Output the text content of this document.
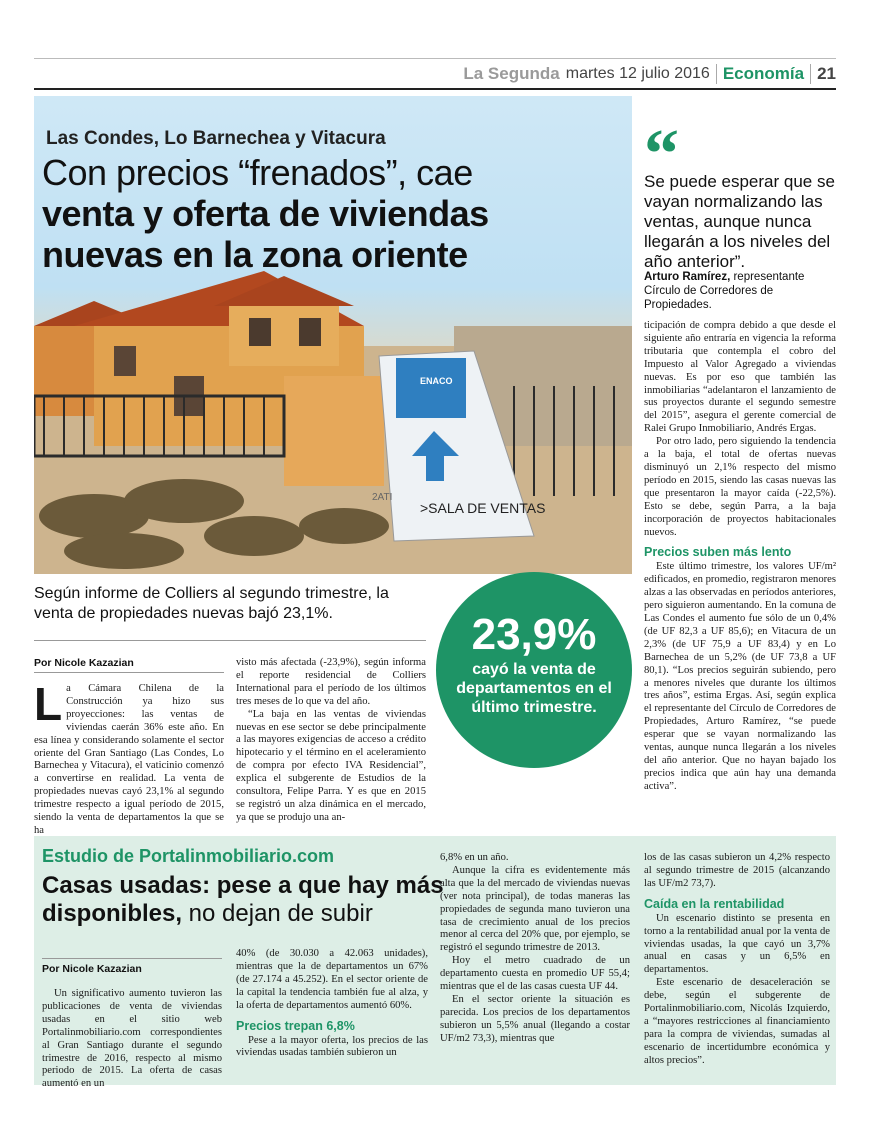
La Segunda martes 12 julio 2016 Economía 21
ENACO
>SALA DE VENTAS
2ATI
Las Condes, Lo Barnechea y Vitacura
Con precios “frenados”, cae
venta y oferta de viviendas
nuevas en la zona oriente
“
Se puede esperar que se vayan normalizando las ventas, aunque nunca llegarán a los niveles del año anterior”.
Arturo Ramírez, representante Círculo de Corredores de Propiedades.
Según informe de Colliers al segundo trimestre, la venta de propiedades nuevas bajó 23,1%.	23,9%
cayó la venta de departamentos en el último trimestre.
Por Nicole Kazazian
L a Cámara Chilena de la Construcción ya hizo sus proyecciones: las ventas de viviendas caerán 36% este año. En esa línea y considerando solamente el sector oriente del Gran Santiago (Las Condes, Lo Barnechea y Vitacura), el vaticinio comenzó a convertirse en realidad. La venta de propiedades nuevas cayó 23,1% al segundo trimestre respecto a igual período de 2015, siendo la venta de departamentos la que se ha
visto más afectada (-23,9%), según informa el reporte residencial de Colliers International para el período de los últimos tres meses de lo que va del año.

“La baja en las ventas de viviendas nuevas en ese sector se debe principalmente a las mayores exigencias de acceso a crédito hipotecario y el término en el aceleramiento de compra por efecto IVA Residencial”, explica el subgerente de Estudios de la consultora, Felipe Parra. Y es que en 2015 se registró un alza dinámica en el mercado, ya que se produjo una an-

ticipación de compra debido a que desde el siguiente año entraría en vigencia la reforma tributaria que contempla el cobro del Impuesto al Valor Agregado a viviendas nuevas. Es por eso que también las inmobiliarias “adelantaron el lanzamiento de sus proyectos durante el segundo semestre del 2015”, asegura el gerente comercial de Ralei Grupo Inmobiliario, Andrés Ergas.

Por otro lado, pero siguiendo la tendencia a la baja, el total de ofertas nuevas disminuyó un 2,1% respecto del mismo período en 2015, siendo las casas nuevas las que presentaron la mayor caída (-22,5%). Esto se debe, según Parra, a la baja incorporación de proyectos habitacionales nuevos.

Precios suben más lento

Este último trimestre, los valores UF/m² edificados, en promedio, registraron menores alzas a las observadas en períodos anteriores, pero siguieron aumentando. En la comuna de Las Condes el aumento fue sólo de un 0,4% (de UF 82,3 a UF 85,6); en Vitacura de un 2,3% (de UF 75,9 a UF 83,4) y en Lo Barnechea de un 5,2% (de UF 73,8 a UF 80,1). “Los precios seguirán subiendo, pero a menores niveles que durante los últimos tres años”, estima Ergas. Así, según explica el representante del Círculo de Corredores de Propiedades, Arturo Ramírez, “se puede esperar que se vayan normalizando las ventas, aunque nunca llegarán a los niveles del año anterior. Que no hayan bajado los precios indica que aún hay una demanda activa”.

Estudio de Portalinmobiliario.com
Casas usadas: pese a que hay más
disponibles, no dejan de subir
Por Nicole Kazazian

Un significativo aumento tuvieron las publicaciones de venta de viviendas usadas en el sitio web Portalinmobiliario.com correspondientes al Gran Santiago durante el segundo trimestre de 2016, respecto al mismo periodo de 2015. La oferta de casas aumentó en un

40% (de 30.030 a 42.063 unidades), mientras que la de departamentos un 67% (de 27.174 a 45.252). En el sector oriente de la capital la tendencia también fue al alza, y la oferta de departamentos aumentó 60%.
Precios trepan 6,8%

Pese a la mayor oferta, los precios de las viviendas usadas también subieron un

6,8% en un año.

Aunque la cifra es evidentemente más alta que la del mercado de viviendas nuevas (ver nota principal), de todas maneras las propiedades de segunda mano tuvieron una tasa de crecimiento anual de los precios menor al cerca del 20% que, por ejemplo, se registró el segundo trimestre de 2013.

Hoy el metro cuadrado de un departamento cuesta en promedio UF 55,4; mientras que el de las casas cuesta UF 44.

En el sector oriente la situación es parecida. Los precios de los departamentos subieron un 5,5% anual (llegando a costar UF/m2 73,3), mientras que

los de las casas subieron un 4,2% respecto al segundo trimestre de 2015 (alcanzando las UF/m2 73,7).
Caída en la rentabilidad

Un escenario distinto se presenta en torno a la rentabilidad anual por la venta de viviendas usadas, la que cayó un 3,7% anual en casas y un 6,5% en departamentos.

Este escenario de desaceleración se debe, según el subgerente de Portalinmobiliario.com, Nicolás Izquierdo, a “mayores restricciones al financiamiento para la compra de viviendas, sumadas al escenario de incertidumbre económica y altos precios”.
